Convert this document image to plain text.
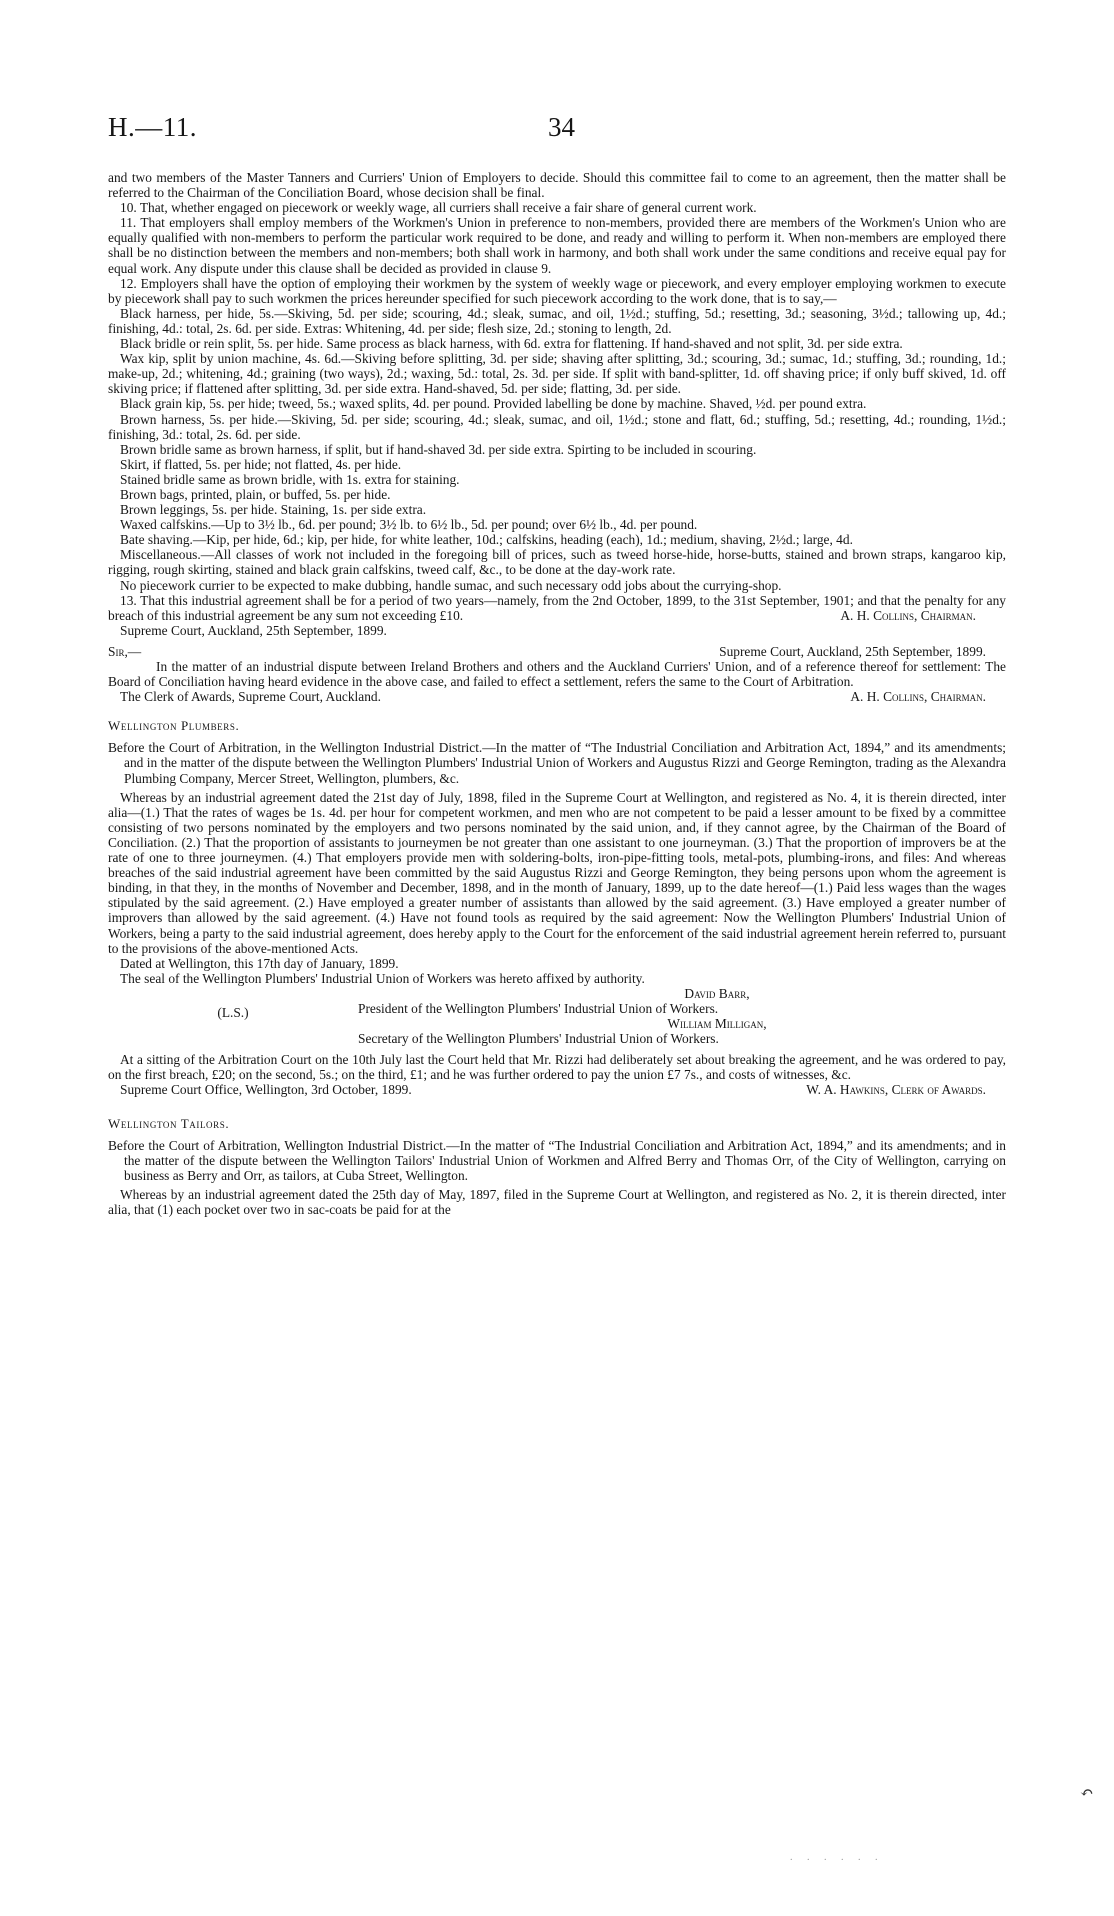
H.—11.	34

and two members of the Master Tanners and Curriers' Union of Employers to decide. Should this committee fail to come to an agreement, then the matter shall be referred to the Chairman of the Conciliation Board, whose decision shall be final.

10. That, whether engaged on piecework or weekly wage, all curriers shall receive a fair share of general current work.

11. That employers shall employ members of the Workmen's Union in preference to non-members, provided there are members of the Workmen's Union who are equally qualified with non-members to perform the particular work required to be done, and ready and willing to perform it. When non-members are employed there shall be no distinction between the members and non-members; both shall work in harmony, and both shall work under the same conditions and receive equal pay for equal work. Any dispute under this clause shall be decided as provided in clause 9.

12. Employers shall have the option of employing their workmen by the system of weekly wage or piecework, and every employer employing workmen to execute by piecework shall pay to such workmen the prices hereunder specified for such piecework according to the work done, that is to say,—

Black harness, per hide, 5s.—Skiving, 5d. per side; scouring, 4d.; sleak, sumac, and oil, 1½d.; stuffing, 5d.; resetting, 3d.; seasoning, 3½d.; tallowing up, 4d.; finishing, 4d.: total, 2s. 6d. per side. Extras: Whitening, 4d. per side; flesh size, 2d.; stoning to length, 2d.

Black bridle or rein split, 5s. per hide. Same process as black harness, with 6d. extra for flattening. If hand-shaved and not split, 3d. per side extra.

Wax kip, split by union machine, 4s. 6d.—Skiving before splitting, 3d. per side; shaving after splitting, 3d.; scouring, 3d.; sumac, 1d.; stuffing, 3d.; rounding, 1d.; make-up, 2d.; whitening, 4d.; graining (two ways), 2d.; waxing, 5d.: total, 2s. 3d. per side. If split with band-splitter, 1d. off shaving price; if only buff skived, 1d. off skiving price; if flattened after splitting, 3d. per side extra. Hand-shaved, 5d. per side; flatting, 3d. per side.

Black grain kip, 5s. per hide; tweed, 5s.; waxed splits, 4d. per pound. Provided labelling be done by machine. Shaved, ½d. per pound extra.

Brown harness, 5s. per hide.—Skiving, 5d. per side; scouring, 4d.; sleak, sumac, and oil, 1½d.; stone and flatt, 6d.; stuffing, 5d.; resetting, 4d.; rounding, 1½d.; finishing, 3d.: total, 2s. 6d. per side.

Brown bridle same as brown harness, if split, but if hand-shaved 3d. per side extra. Spirting to be included in scouring.

Skirt, if flatted, 5s. per hide; not flatted, 4s. per hide.

Stained bridle same as brown bridle, with 1s. extra for staining.

Brown bags, printed, plain, or buffed, 5s. per hide.

Brown leggings, 5s. per hide. Staining, 1s. per side extra.

Waxed calfskins.—Up to 3½ lb., 6d. per pound; 3½ lb. to 6½ lb., 5d. per pound; over 6½ lb., 4d. per pound.

Bate shaving.—Kip, per hide, 6d.; kip, per hide, for white leather, 10d.; calfskins, heading (each), 1d.; medium, shaving, 2½d.; large, 4d.

Miscellaneous.—All classes of work not included in the foregoing bill of prices, such as tweed horse-hide, horse-butts, stained and brown straps, kangaroo kip, rigging, rough skirting, stained and black grain calfskins, tweed calf, &c., to be done at the day-work rate.

No piecework currier to be expected to make dubbing, handle sumac, and such necessary odd jobs about the currying-shop.

13. That this industrial agreement shall be for a period of two years—namely, from the 2nd October, 1899, to the 31st September, 1901; and that the penalty for any breach of this industrial agreement be any sum not exceeding £10.	A. H. Collins, Chairman.

Supreme Court, Auckland, 25th September, 1899.

Sir,—	Supreme Court, Auckland, 25th September, 1899.

In the matter of an industrial dispute between Ireland Brothers and others and the Auckland Curriers' Union, and of a reference thereof for settlement: The Board of Conciliation having heard evidence in the above case, and failed to effect a settlement, refers the same to the Court of Arbitration.

The Clerk of Awards, Supreme Court, Auckland.	A. H. Collins, Chairman.

Wellington Plumbers.

Before the Court of Arbitration, in the Wellington Industrial District.—In the matter of “The Industrial Conciliation and Arbitration Act, 1894,” and its amendments; and in the matter of the dispute between the Wellington Plumbers' Industrial Union of Workers and Augustus Rizzi and George Remington, trading as the Alexandra Plumbing Company, Mercer Street, Wellington, plumbers, &c.

Whereas by an industrial agreement dated the 21st day of July, 1898, filed in the Supreme Court at Wellington, and registered as No. 4, it is therein directed, inter alia—(1.) That the rates of wages be 1s. 4d. per hour for competent workmen, and men who are not competent to be paid a lesser amount to be fixed by a committee consisting of two persons nominated by the employers and two persons nominated by the said union, and, if they cannot agree, by the Chairman of the Board of Conciliation. (2.) That the proportion of assistants to journeymen be not greater than one assistant to one journeyman. (3.) That the proportion of improvers be at the rate of one to three journeymen. (4.) That employers provide men with soldering-bolts, iron-pipe-fitting tools, metal-pots, plumbing-irons, and files: And whereas breaches of the said industrial agreement have been committed by the said Augustus Rizzi and George Remington, they being persons upon whom the agreement is binding, in that they, in the months of November and December, 1898, and in the month of January, 1899, up to the date hereof—(1.) Paid less wages than the wages stipulated by the said agreement. (2.) Have employed a greater number of assistants than allowed by the said agreement. (3.) Have employed a greater number of improvers than allowed by the said agreement. (4.) Have not found tools as required by the said agreement: Now the Wellington Plumbers' Industrial Union of Workers, being a party to the said industrial agreement, does hereby apply to the Court for the enforcement of the said industrial agreement herein referred to, pursuant to the provisions of the above-mentioned Acts.

Dated at Wellington, this 17th day of January, 1899.

The seal of the Wellington Plumbers' Industrial Union of Workers was hereto affixed by authority.

(L.S.)
David Barr,
President of the Wellington Plumbers' Industrial Union of Workers.
William Milligan,
Secretary of the Wellington Plumbers' Industrial Union of Workers.

At a sitting of the Arbitration Court on the 10th July last the Court held that Mr. Rizzi had deliberately set about breaking the agreement, and he was ordered to pay, on the first breach, £20; on the second, 5s.; on the third, £1; and he was further ordered to pay the union £7 7s., and costs of witnesses, &c.

Supreme Court Office, Wellington, 3rd October, 1899.	W. A. Hawkins, Clerk of Awards.

Wellington Tailors.

Before the Court of Arbitration, Wellington Industrial District.—In the matter of “The Industrial Conciliation and Arbitration Act, 1894,” and its amendments; and in the matter of the dispute between the Wellington Tailors' Industrial Union of Workmen and Alfred Berry and Thomas Orr, of the City of Wellington, carrying on business as Berry and Orr, as tailors, at Cuba Street, Wellington.

Whereas by an industrial agreement dated the 25th day of May, 1897, filed in the Supreme Court at Wellington, and registered as No. 2, it is therein directed, inter alia, that (1) each pocket over two in sac-coats be paid for at the

↶
. . . . . .
